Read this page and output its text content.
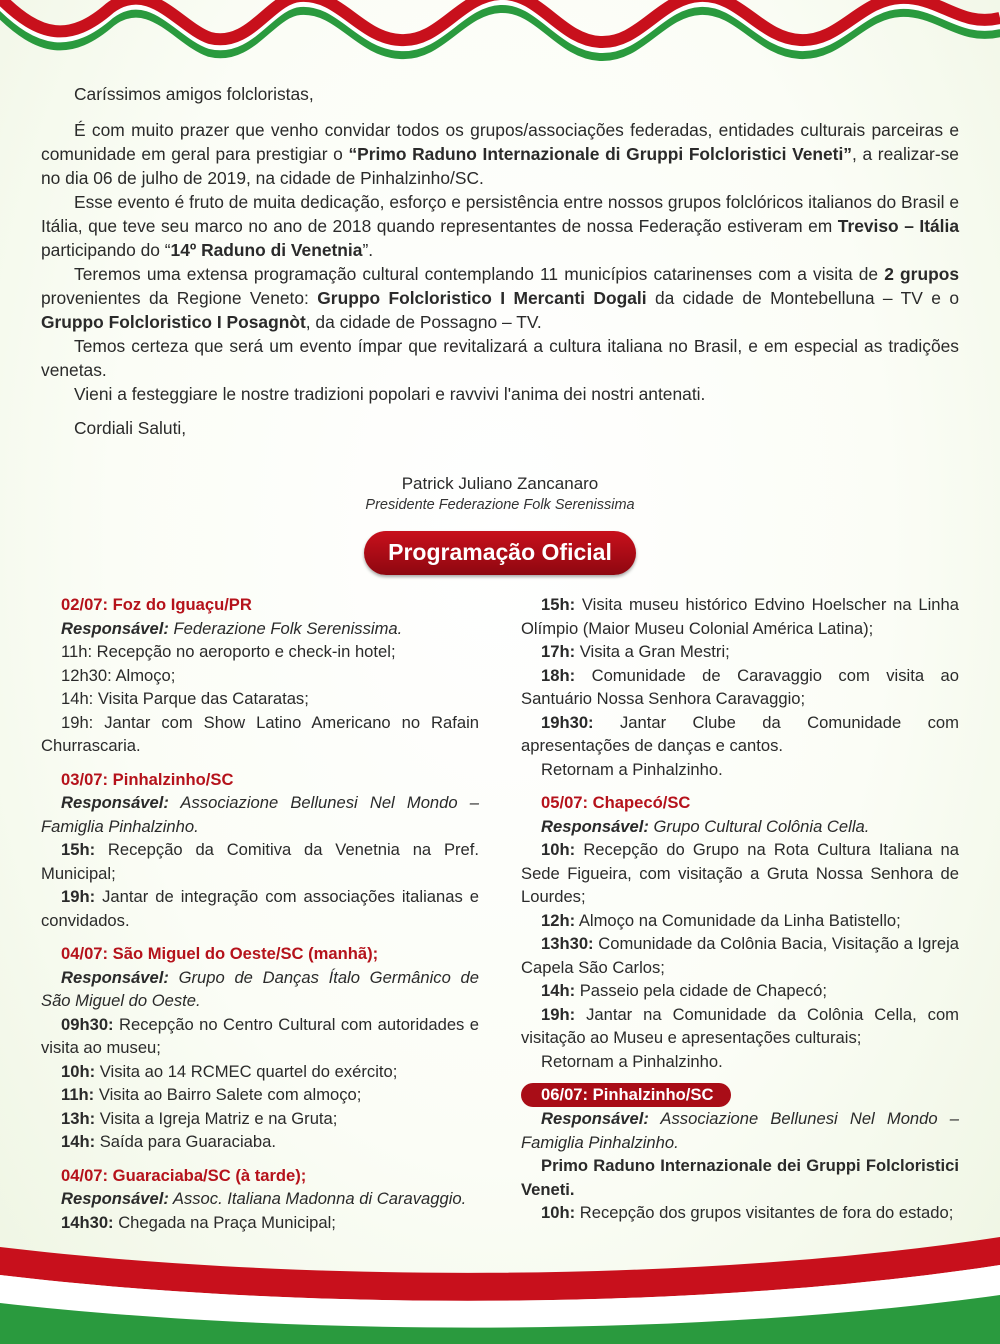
Caríssimos amigos folcloristas,

É com muito prazer que venho convidar todos os grupos/associações federadas, entidades culturais parceiras e comunidade em geral para prestigiar o “Primo Raduno Internazionale di Gruppi Folcloristici Veneti”, a realizar-se no dia 06 de julho de 2019, na cidade de Pinhalzinho/SC.

Esse evento é fruto de muita dedicação, esforço e persistência entre nossos grupos folclóricos italianos do Brasil e Itália, que teve seu marco no ano de 2018 quando representantes de nossa Federação estiveram em Treviso – Itália participando do “14º Raduno di Venetnia”.

Teremos uma extensa programação cultural contemplando 11 municípios catarinenses com a visita de 2 grupos provenientes da Regione Veneto: Gruppo Folcloristico I Mercanti Dogali da cidade de Montebelluna – TV e o Gruppo Folcloristico I Posagnòt, da cidade de Possagno – TV.

Temos certeza que será um evento ímpar que revitalizará a cultura italiana no Brasil, e em especial as tradições venetas.

Vieni a festeggiare le nostre tradizioni popolari e ravvivi l'anima dei nostri antenati.

Cordiali Saluti,

Patrick Juliano Zancanaro
Presidente Federazione Folk Serenissima
Programação Oficial

02/07: Foz do Iguaçu/PR

Responsável: Federazione Folk Serenissima.

11h: Recepção no aeroporto e check-in hotel;

12h30: Almoço;

14h: Visita Parque das Cataratas;

19h: Jantar com Show Latino Americano no Rafain Churrascaria.

03/07: Pinhalzinho/SC

Responsável: Associazione Bellunesi Nel Mondo – Famiglia Pinhalzinho.

15h: Recepção da Comitiva da Venetnia na Pref. Municipal;

19h: Jantar de integração com associações italianas e convidados.

04/07: São Miguel do Oeste/SC (manhã);

Responsável: Grupo de Danças Ítalo Germânico de São Miguel do Oeste.

09h30: Recepção no Centro Cultural com autoridades e visita ao museu;

10h: Visita ao 14 RCMEC quartel do exército;

11h: Visita ao Bairro Salete com almoço;

13h: Visita a Igreja Matriz e na Gruta;

14h: Saída para Guaraciaba.

04/07: Guaraciaba/SC (à tarde);

Responsável: Assoc. Italiana Madonna di Caravaggio.

14h30: Chegada na Praça Municipal;

15h: Visita museu histórico Edvino Hoelscher na Linha Olímpio (Maior Museu Colonial América Latina);

17h: Visita a Gran Mestri;

18h: Comunidade de Caravaggio com visita ao Santuário Nossa Senhora Caravaggio;

19h30: Jantar Clube da Comunidade com apresentações de danças e cantos.

Retornam a Pinhalzinho.

05/07: Chapecó/SC

Responsável: Grupo Cultural Colônia Cella.

10h: Recepção do Grupo na Rota Cultura Italiana na Sede Figueira, com visitação a Gruta Nossa Senhora de Lourdes;

12h: Almoço na Comunidade da Linha Batistello;

13h30: Comunidade da Colônia Bacia, Visitação a Igreja Capela São Carlos;

14h: Passeio pela cidade de Chapecó;

19h: Jantar na Comunidade da Colônia Cella, com visitação ao Museu e apresentações culturais;

Retornam a Pinhalzinho.

06/07: Pinhalzinho/SC

Responsável: Associazione Bellunesi Nel Mondo – Famiglia Pinhalzinho.

Primo Raduno Internazionale dei Gruppi Folcloristici Veneti.

10h: Recepção dos grupos visitantes de fora do estado;
